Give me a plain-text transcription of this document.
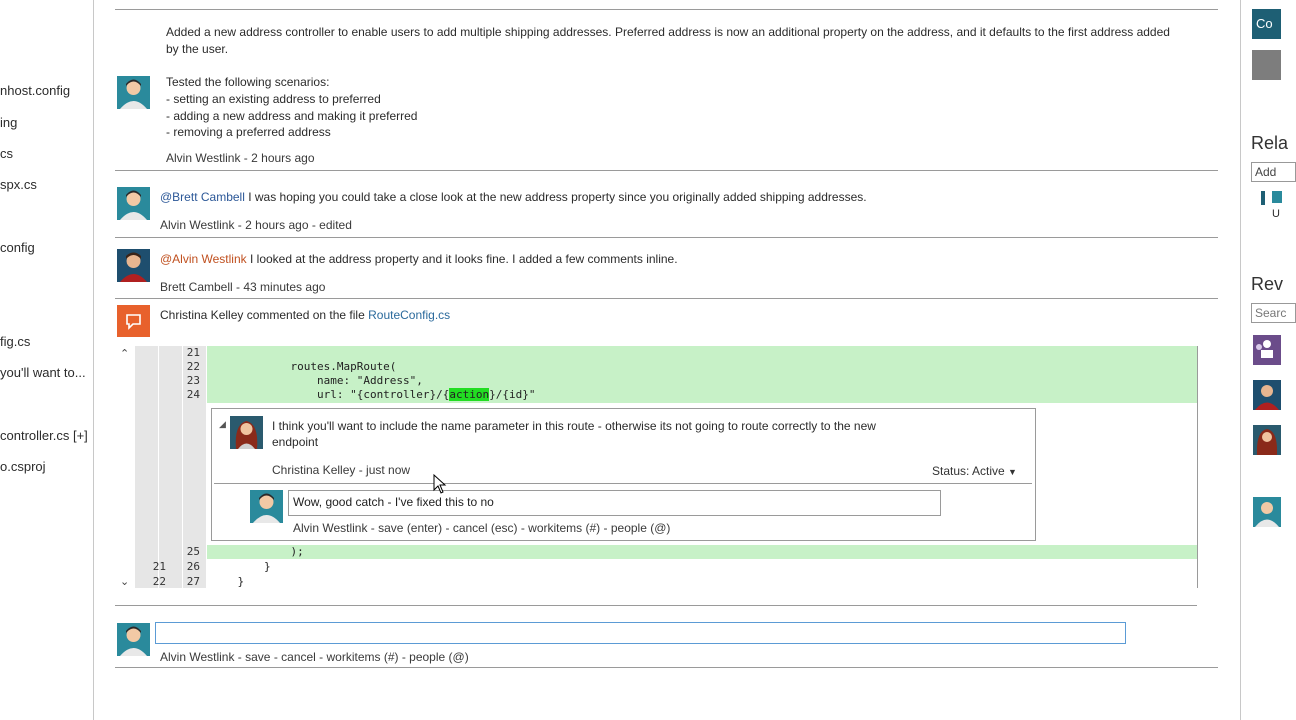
nhost.config
ing
cs
spx.cs
config
fig.cs
you'll want to...
controller.cs [+]
o.csproj
Added a new address controller to enable users to add multiple shipping addresses. Preferred address is now an additional property on the address, and it defaults to the first address added
by the user.
Tested the following scenarios:
- setting an existing address to preferred
- adding a new address and making it preferred
- removing a preferred address
Alvin Westlink - 2 hours ago
@Brett Cambell I was hoping you could take a close look at the new address property since you originally added shipping addresses.
Alvin Westlink - 2 hours ago - edited
@Alvin Westlink I looked at the address property and it looks fine. I added a few comments inline.
Brett Cambell - 43 minutes ago
Christina Kelley commented on the file RouteConfig.cs
⌃
⌄
21
22 routes.MapRoute(
23 name: "Address",
24 url: "{controller}/{action}/{id}"
25 );
21 26 }
22 27 }
◢	I think you'll want to include the name parameter in this route - otherwise its not going to route correctly to the new
endpoint
Christina Kelley - just now	Status: Active ▼
Alvin Westlink - save (enter) - cancel (esc) - workitems (#) - people (@)
Wow, good catch - I've fixed this to no
Alvin Westlink - save - cancel - workitems (#) - people (@)
Co
Rela
Add
U
Rev
Searc
